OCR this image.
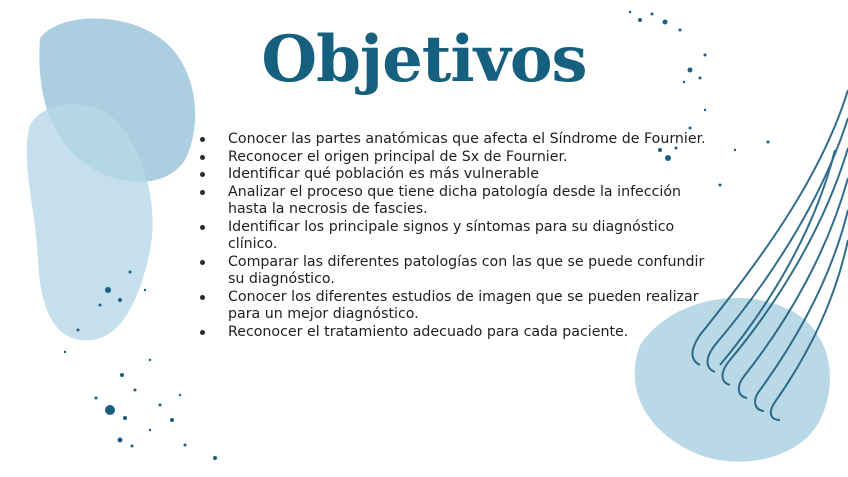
Objetivos
Conocer las partes anatómicas que afecta el Síndrome de Fournier.
Reconocer el origen principal de Sx de Fournier.
Identificar qué población es más vulnerable
Analizar el proceso que tiene dicha patología desde la infección hasta la necrosis de fascies.
Identificar los principale signos y síntomas para su diagnóstico clínico.
Comparar las diferentes patologías con las que se puede confundir su diagnóstico.
Conocer los diferentes estudios de imagen que se pueden realizar para un mejor diagnóstico.
Reconocer el tratamiento adecuado para cada paciente.
